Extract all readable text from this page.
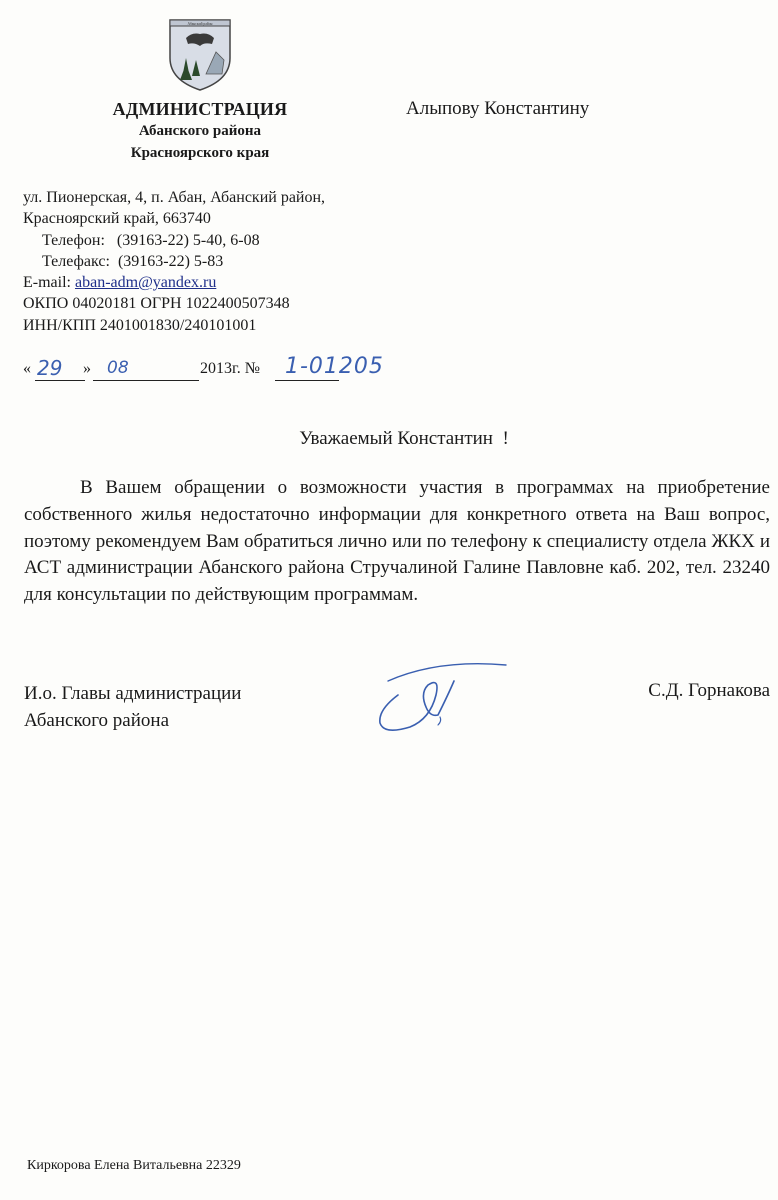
Абанский район
АДМИНИСТРАЦИЯ
Абанского района
Красноярского края
Алыпову Константину
ул. Пионерская, 4, п. Абан, Абанский район,
Красноярский край, 663740
Телефон:   (39163-22) 5-40, 6-08
Телефакс:  (39163-22) 5-83
E-mail: aban-adm@yandex.ru
ОКПО 04020181 ОГРН 1022400507348
ИНН/КПП 2401001830/240101001
« 29 » 08	2013г. № 1-01205
Уважаемый Константин  !
В Вашем обращении о возможности участия в программах на приобретение собственного жилья недостаточно информации для конкретного ответа на Ваш вопрос, поэтому рекомендуем Вам обратиться лично или по телефону к специалисту отдела ЖКХ и АСТ администрации Абанского района Стручалиной Галине Павловне каб. 202, тел. 23240 для консультации по действующим программам.
И.о. Главы администрации
Абанского района
С.Д. Горнакова
Киркорова Елена Витальевна 22329
